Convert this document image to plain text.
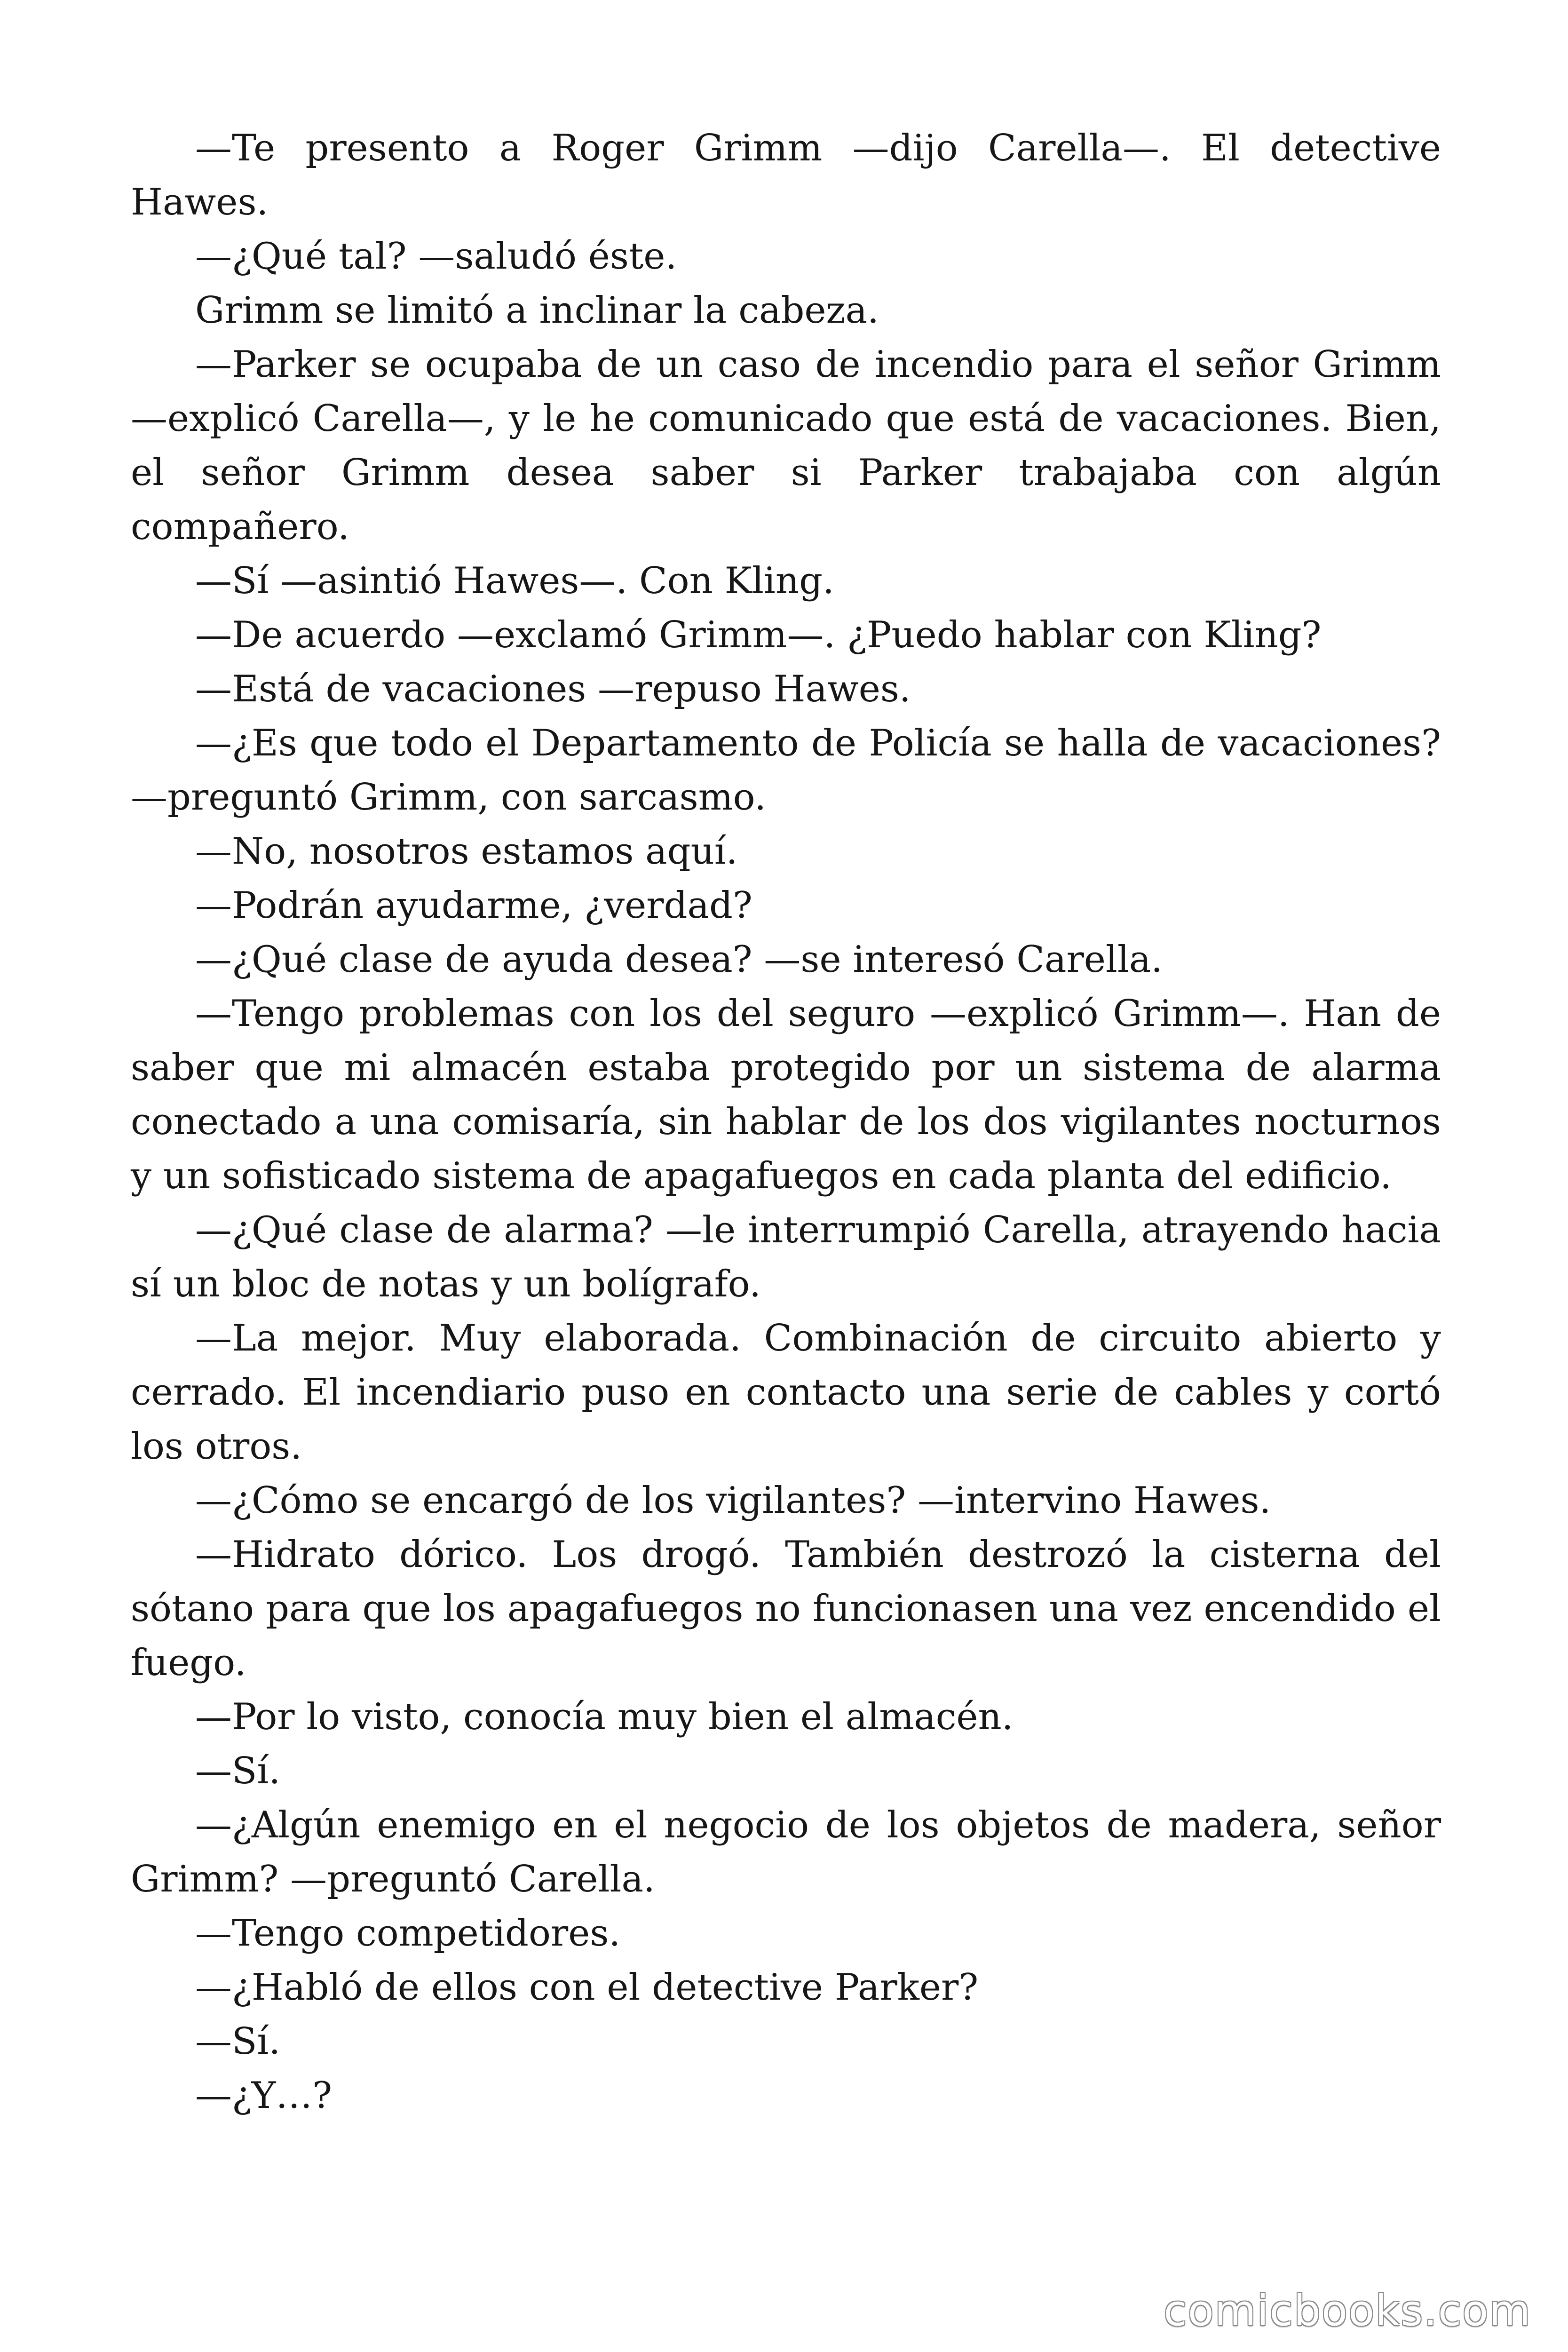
—Te presento a Roger Grimm —dijo Carella—. El detective Hawes.

—¿Qué tal? —saludó éste.

Grimm se limitó a inclinar la cabeza.

—Parker se ocupaba de un caso de incendio para el señor Grimm —explicó Carella—, y le he comunicado que está de vacaciones. Bien, el señor Grimm desea saber si Parker trabajaba con algún compañero.

—Sí —asintió Hawes—. Con Kling.

—De acuerdo —exclamó Grimm—. ¿Puedo hablar con Kling?

—Está de vacaciones —repuso Hawes.

—¿Es que todo el Departamento de Policía se halla de vacaciones? —preguntó Grimm, con sarcasmo.

—No, nosotros estamos aquí.

—Podrán ayudarme, ¿verdad?

—¿Qué clase de ayuda desea? —se interesó Carella.

—Tengo problemas con los del seguro —explicó Grimm—. Han de saber que mi almacén estaba protegido por un sistema de alarma conectado a una comisaría, sin hablar de los dos vigilantes nocturnos y un sofisticado sistema de apagafuegos en cada planta del edificio.

—¿Qué clase de alarma? —le interrumpió Carella, atrayendo hacia sí un bloc de notas y un bolígrafo.

—La mejor. Muy elaborada. Combinación de circuito abierto y cerrado. El incendiario puso en contacto una serie de cables y cortó los otros.

—¿Cómo se encargó de los vigilantes? —intervino Hawes.

—Hidrato dórico. Los drogó. También destrozó la cisterna del sótano para que los apagafuegos no funcionasen una vez encendido el fuego.

—Por lo visto, conocía muy bien el almacén.

—Sí.

—¿Algún enemigo en el negocio de los objetos de madera, señor Grimm? —preguntó Carella.

—Tengo competidores.

—¿Habló de ellos con el detective Parker?

—Sí.

—¿Y…?

comicbooks.com
